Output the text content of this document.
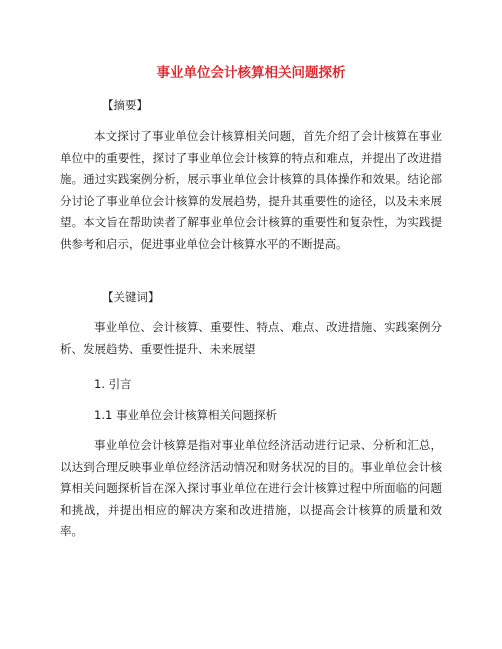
事业单位会计核算相关问题探析
【摘要】
本文探讨了事业单位会计核算相关问题，首先介绍了会计核算在事业单位中的重要性，探讨了事业单位会计核算的特点和难点，并提出了改进措施。通过实践案例分析，展示事业单位会计核算的具体操作和效果。结论部分讨论了事业单位会计核算的发展趋势，提升其重要性的途径，以及未来展望。本文旨在帮助读者了解事业单位会计核算的重要性和复杂性，为实践提供参考和启示，促进事业单位会计核算水平的不断提高。
【关键词】
事业单位、会计核算、重要性、特点、难点、改进措施、实践案例分析、发展趋势、重要性提升、未来展望
1. 引言
1.1 事业单位会计核算相关问题探析
事业单位会计核算是指对事业单位经济活动进行记录、分析和汇总，以达到合理反映事业单位经济活动情况和财务状况的目的。事业单位会计核算相关问题探析旨在深入探讨事业单位在进行会计核算过程中所面临的问题和挑战，并提出相应的解决方案和改进措施，以提高会计核算的质量和效率。
